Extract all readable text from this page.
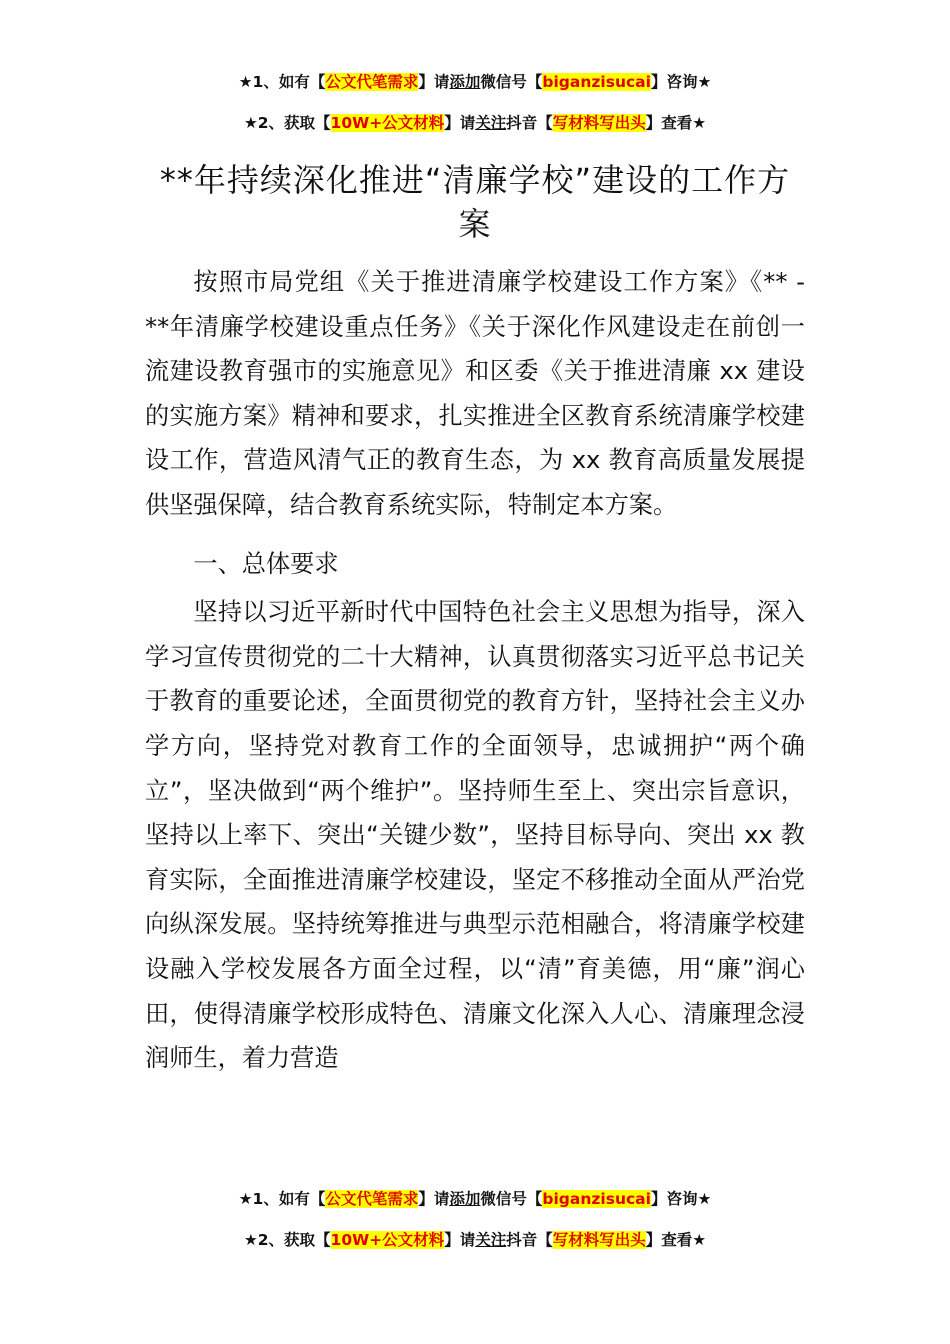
★1、如有【公文代笔需求】请添加微信号【biganzisucai】咨询★
★2、获取【10W+公文材料】请关注抖音【写材料写出头】查看★
**年持续深化推进“清廉学校”建设的工作方案

按照市局党组《关于推进清廉学校建设工作方案》《** - **年清廉学校建设重点任务》《关于深化作风建设走在前创一流建设教育强市的实施意见》和区委《关于推进清廉 xx 建设的实施方案》精神和要求，扎实推进全区教育系统清廉学校建设工作，营造风清气正的教育生态，为 xx 教育高质量发展提供坚强保障，结合教育系统实际，特制定本方案。

一、总体要求

坚持以习近平新时代中国特色社会主义思想为指导，深入学习宣传贯彻党的二十大精神，认真贯彻落实习近平总书记关于教育的重要论述，全面贯彻党的教育方针，坚持社会主义办学方向，坚持党对教育工作的全面领导，忠诚拥护“两个确立”，坚决做到“两个维护”。坚持师生至上、突出宗旨意识，坚持以上率下、突出“关键少数”，坚持目标导向、突出 xx 教育实际，全面推进清廉学校建设，坚定不移推动全面从严治党向纵深发展。坚持统筹推进与典型示范相融合，将清廉学校建设融入学校发展各方面全过程，以“清”育美德，用“廉”润心田，使得清廉学校形成特色、清廉文化深入人心、清廉理念浸润师生，着力营造

★1、如有【公文代笔需求】请添加微信号【biganzisucai】咨询★
★2、获取【10W+公文材料】请关注抖音【写材料写出头】查看★
